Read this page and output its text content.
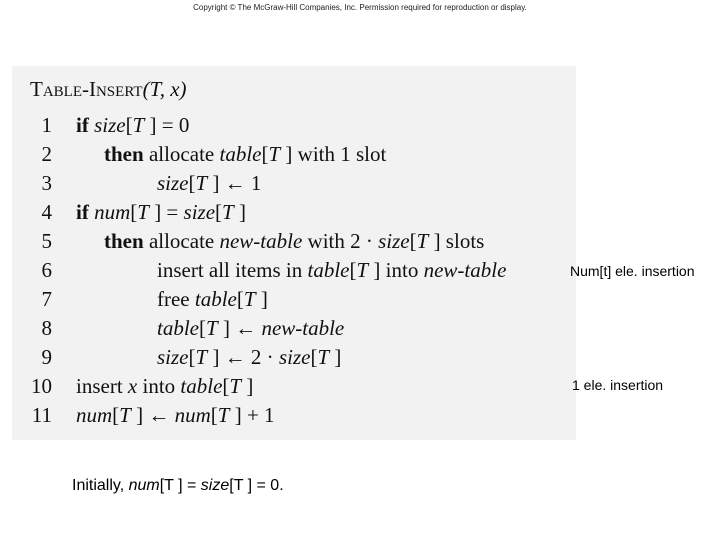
Copyright © The McGraw-Hill Companies, Inc. Permission required for reproduction or display.
Table-Insert(T, x)
1 if size[T ] = 0
2 then allocate table[T ] with 1 slot
3	size[T ] ← 1
4 if num[T ] = size[T ]
5 then allocate new-table with 2 · size[T ] slots
6	insert all items in table[T ] into new-table
7	free table[T ]
8	table[T ] ← new-table
9	size[T ] ← 2 · size[T ]
10 insert x into table[T ]
11 num[T ] ← num[T ] + 1
Num[t] ele. insertion
1 ele. insertion
Initially, num[T ] = size[T ] = 0.
